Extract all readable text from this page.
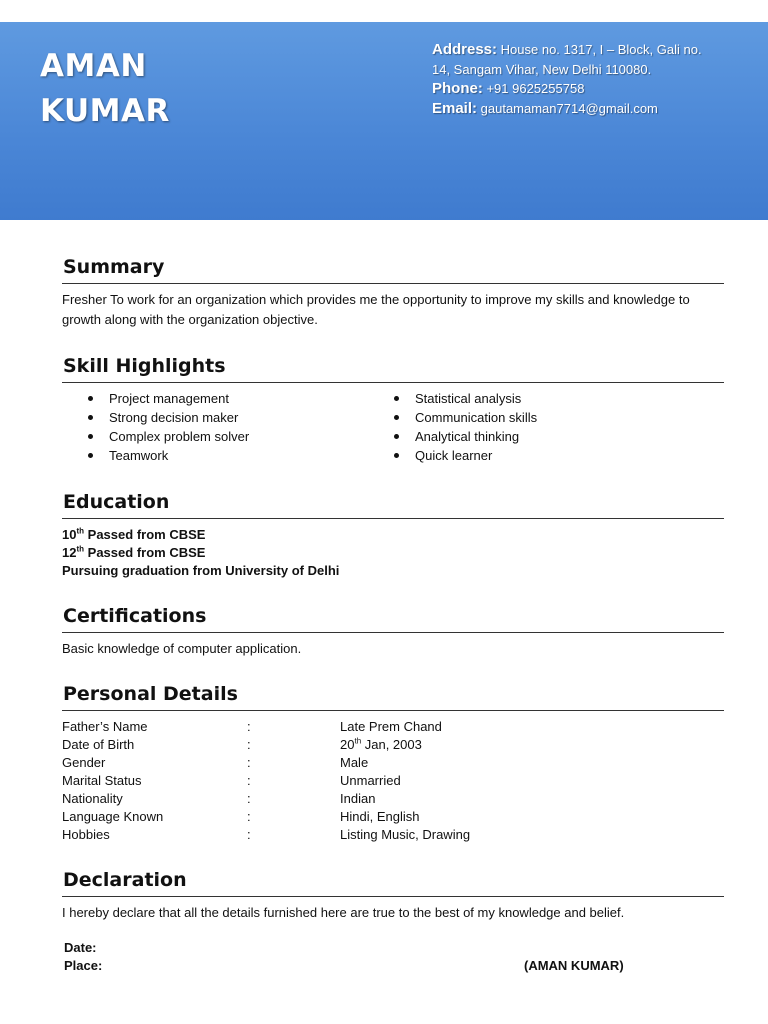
AMAN
KUMAR
Address: House no. 1317, I – Block, Gali no.
14, Sangam Vihar, New Delhi 110080.
Phone: +91 9625255758
Email: gautamaman7714@gmail.com
Summary
Fresher To work for an organization which provides me the opportunity to improve my skills and knowledge to growth along with the organization objective.
Skill Highlights
Project management
Strong decision maker
Complex problem solver
Teamwork
Statistical analysis
Communication skills
Analytical thinking
Quick learner
Education
10th Passed from CBSE
12th Passed from CBSE
Pursuing graduation from University of Delhi
Certifications
Basic knowledge of computer application.
Personal Details
Father’s Name	:	Late Prem Chand
Date of Birth	:	20th Jan, 2003
Gender	:	Male
Marital Status	:	Unmarried
Nationality	:	Indian
Language Known	:	Hindi, English
Hobbies	:	Listing Music, Drawing
Declaration
I hereby declare that all the details furnished here are true to the best of my knowledge and belief.
Date:
Place:	(AMAN KUMAR)
